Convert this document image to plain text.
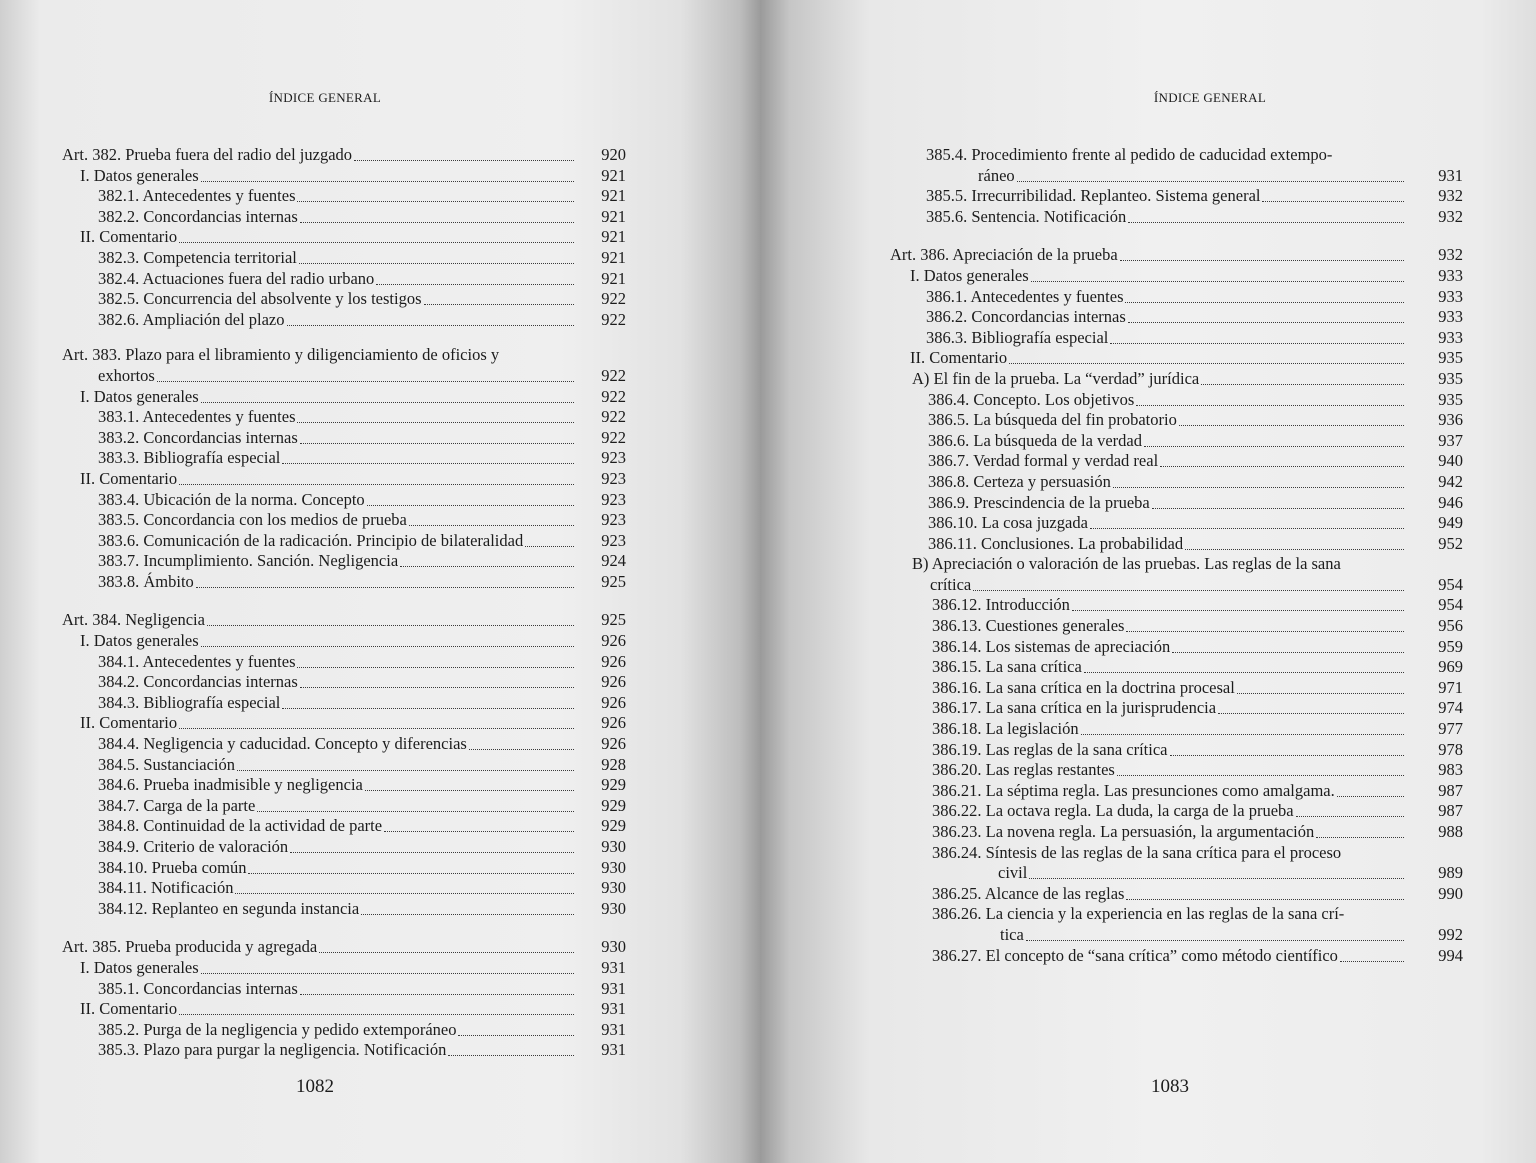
ÍNDICE GENERAL
Art. 382. Prueba fuera del radio del juzgado	920
I. Datos generales	921
382.1. Antecedentes y fuentes	921
382.2. Concordancias internas	921
II. Comentario	921
382.3. Competencia territorial	921
382.4. Actuaciones fuera del radio urbano	921
382.5. Concurrencia del absolvente y los testigos	922
382.6. Ampliación del plazo	922
Art. 383. Plazo para el libramiento y diligenciamiento de oficios y
exhortos	922
I. Datos generales	922
383.1. Antecedentes y fuentes	922
383.2. Concordancias internas	922
383.3. Bibliografía especial	923
II. Comentario	923
383.4. Ubicación de la norma. Concepto	923
383.5. Concordancia con los medios de prueba	923
383.6. Comunicación de la radicación. Principio de bilateralidad	923
383.7. Incumplimiento. Sanción. Negligencia	924
383.8. Ámbito	925
Art. 384. Negligencia	925
I. Datos generales	926
384.1. Antecedentes y fuentes	926
384.2. Concordancias internas	926
384.3. Bibliografía especial	926
II. Comentario	926
384.4. Negligencia y caducidad. Concepto y diferencias	926
384.5. Sustanciación	928
384.6. Prueba inadmisible y negligencia	929
384.7. Carga de la parte	929
384.8. Continuidad de la actividad de parte	929
384.9. Criterio de valoración	930
384.10. Prueba común	930
384.11. Notificación	930
384.12. Replanteo en segunda instancia	930
Art. 385. Prueba producida y agregada	930
I. Datos generales	931
385.1. Concordancias internas	931
II. Comentario	931
385.2. Purga de la negligencia y pedido extemporáneo	931
385.3. Plazo para purgar la negligencia. Notificación	931
1082
ÍNDICE GENERAL
385.4. Procedimiento frente al pedido de caducidad extempo-
ráneo	931
385.5. Irrecurribilidad. Replanteo. Sistema general	932
385.6. Sentencia. Notificación	932
Art. 386. Apreciación de la prueba	932
I. Datos generales	933
386.1. Antecedentes y fuentes	933
386.2. Concordancias internas	933
386.3. Bibliografía especial	933
II. Comentario	935
A) El fin de la prueba. La “verdad” jurídica	935
386.4. Concepto. Los objetivos	935
386.5. La búsqueda del fin probatorio	936
386.6. La búsqueda de la verdad	937
386.7. Verdad formal y verdad real	940
386.8. Certeza y persuasión	942
386.9. Prescindencia de la prueba	946
386.10. La cosa juzgada	949
386.11. Conclusiones. La probabilidad	952
B) Apreciación o valoración de las pruebas. Las reglas de la sana
crítica	954
386.12. Introducción	954
386.13. Cuestiones generales	956
386.14. Los sistemas de apreciación	959
386.15. La sana crítica	969
386.16. La sana crítica en la doctrina procesal	971
386.17. La sana crítica en la jurisprudencia	974
386.18. La legislación	977
386.19. Las reglas de la sana crítica	978
386.20. Las reglas restantes	983
386.21. La séptima regla. Las presunciones como amalgama.	987
386.22. La octava regla. La duda, la carga de la prueba	987
386.23. La novena regla. La persuasión, la argumentación	988
386.24. Síntesis de las reglas de la sana crítica para el proceso
civil	989
386.25. Alcance de las reglas	990
386.26. La ciencia y la experiencia en las reglas de la sana crí-
tica	992
386.27. El concepto de “sana crítica” como método científico	994
1083
